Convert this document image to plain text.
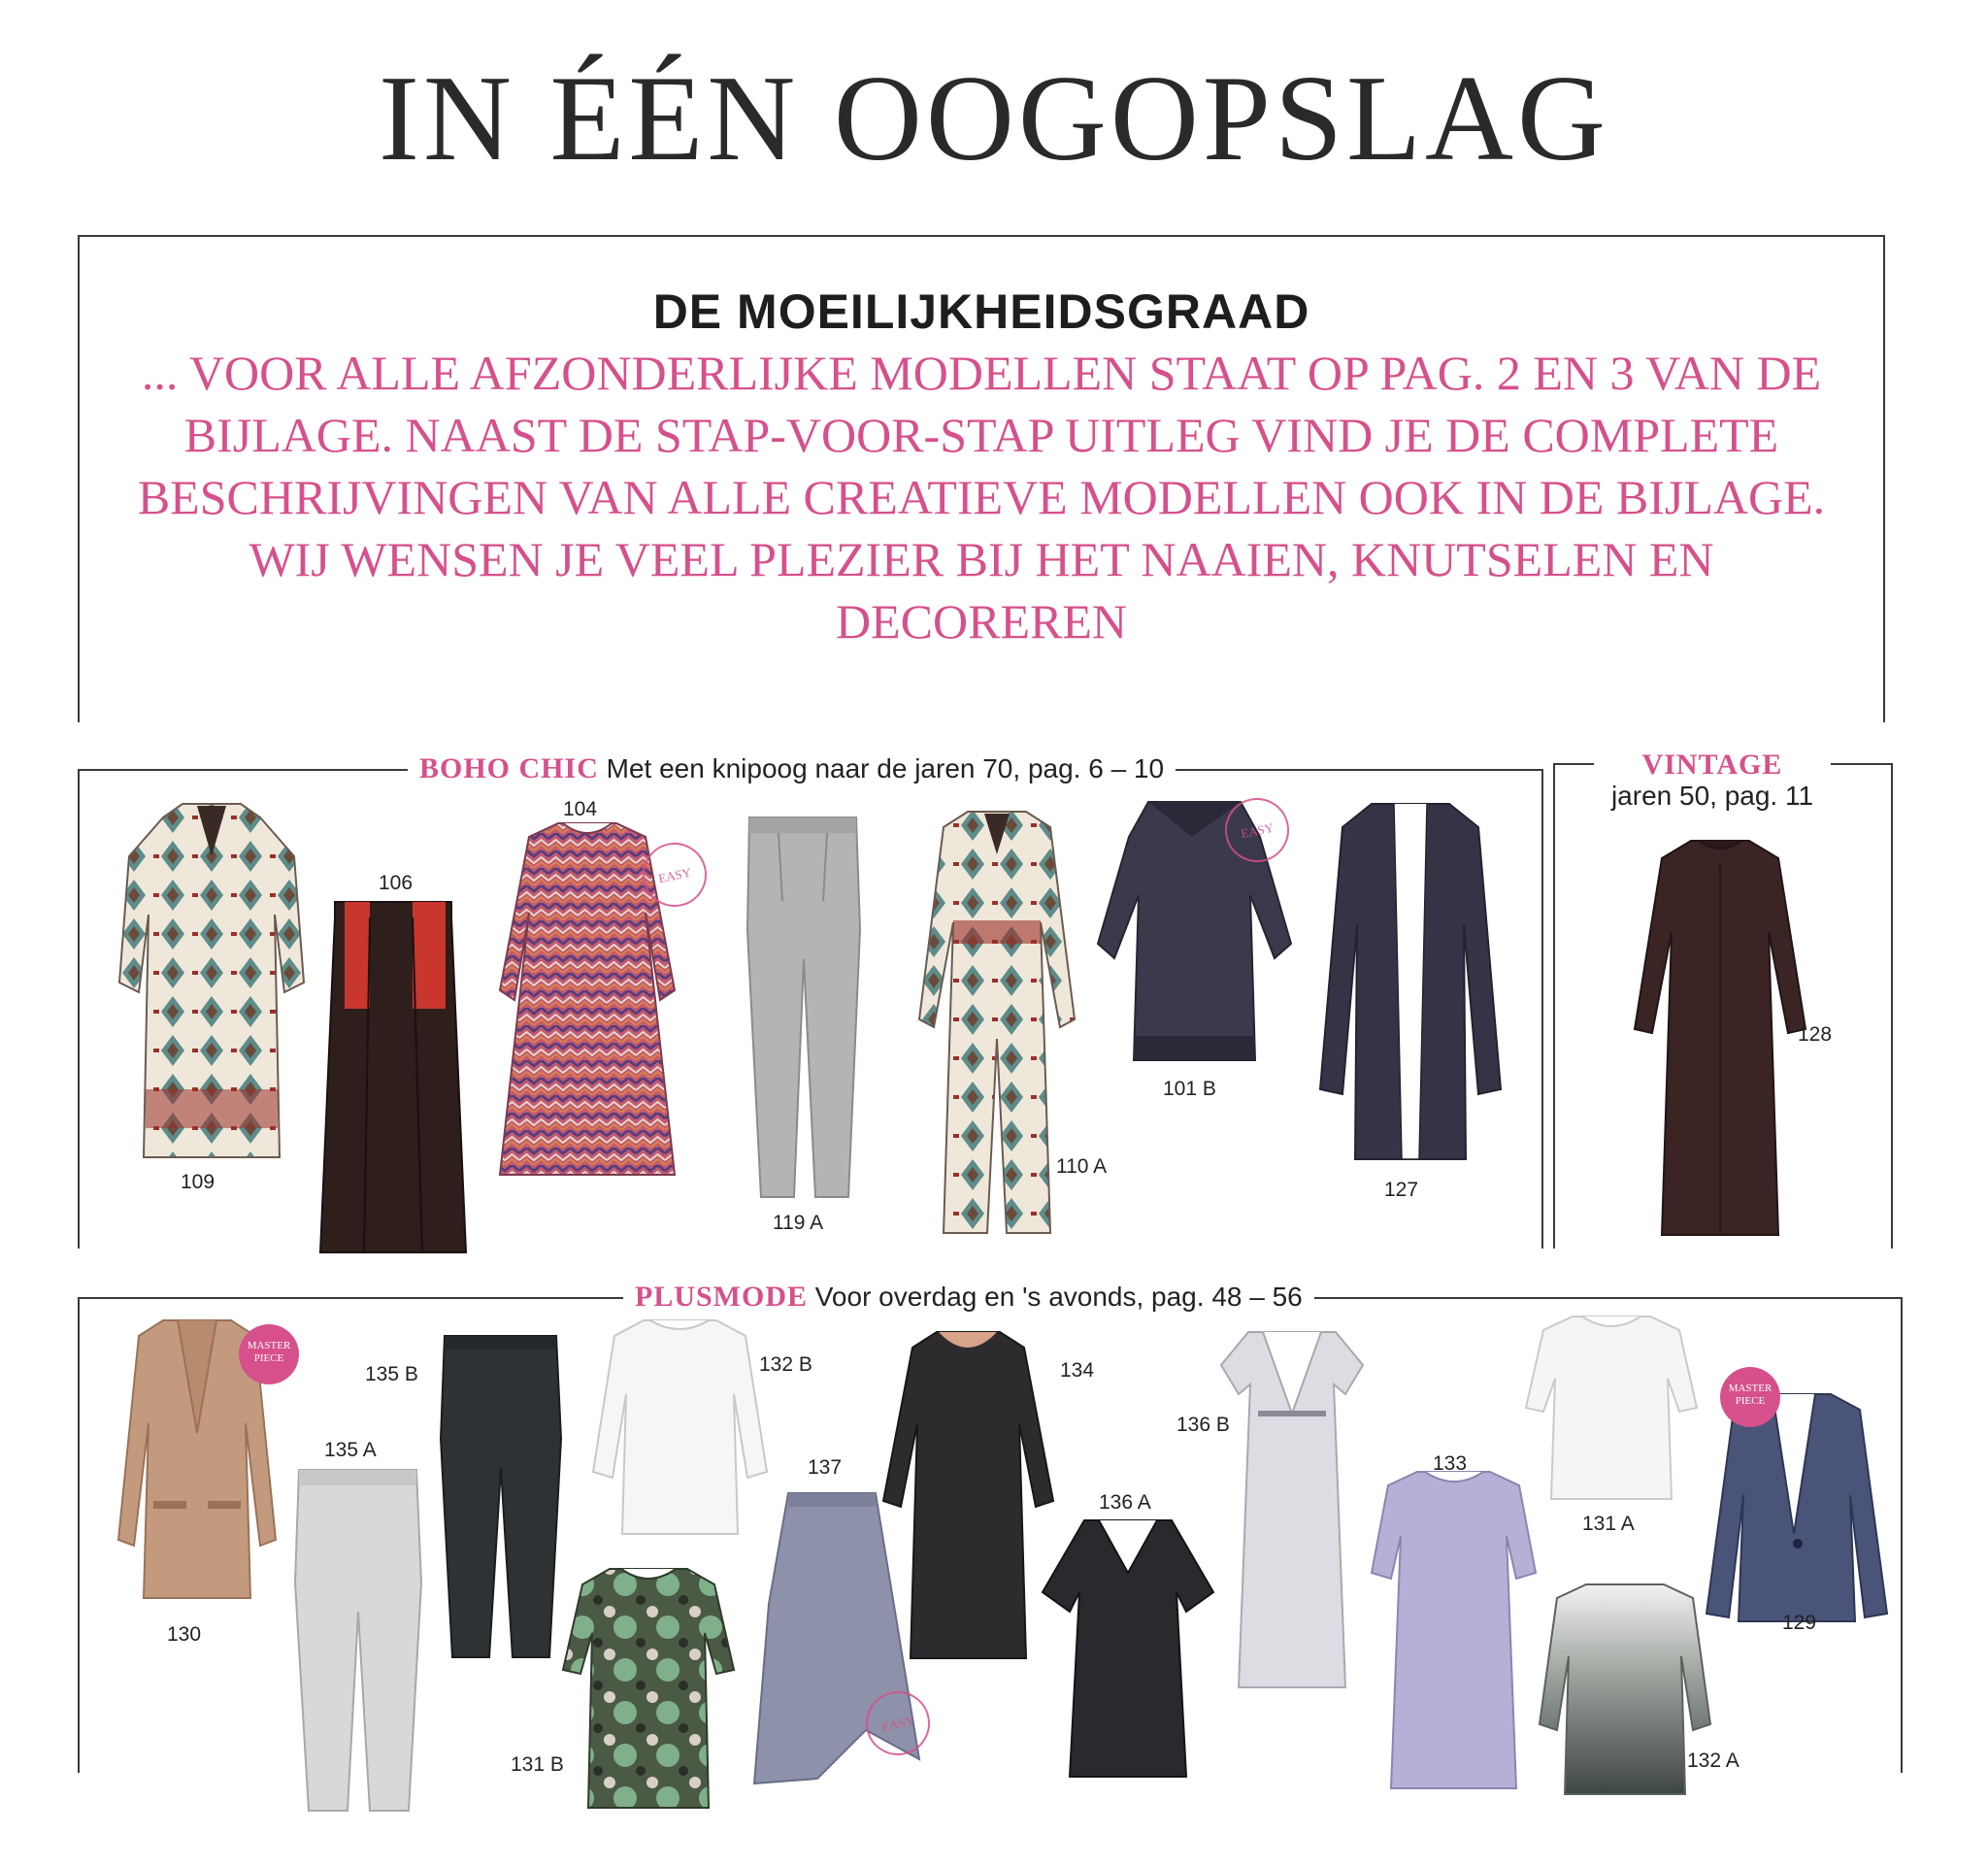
IN ÉÉN OOGOPSLAG
DE MOEILIJKHEIDSGRAAD
... VOOR ALLE AFZONDERLIJKE MODELLEN STAAT OP PAG. 2 EN 3 VAN DE BIJLAGE. NAAST DE STAP-VOOR-STAP UITLEG VIND JE DE COMPLETE BESCHRIJVINGEN VAN ALLE CREATIEVE MODELLEN OOK IN DE BIJLAGE. WIJ WENSEN JE VEEL PLEZIER BIJ HET NAAIEN, KNUTSELEN EN DECOREREN
BOHO CHIC Met een knipoog naar de jaren 70, pag. 6 – 10	VINTAGE
jaren 50, pag. 11
PLUSMODE Voor overdag en 's avonds, pag. 48 – 56
109
106
104
EASY
119 A
110 A
101 B
EASY
127
128
130
MASTER
PIECE
135 A
135 B	132 B
131 B
137
EASY
134
136 A
136 B
133
131 A
132 A
129
MASTER
PIECE
